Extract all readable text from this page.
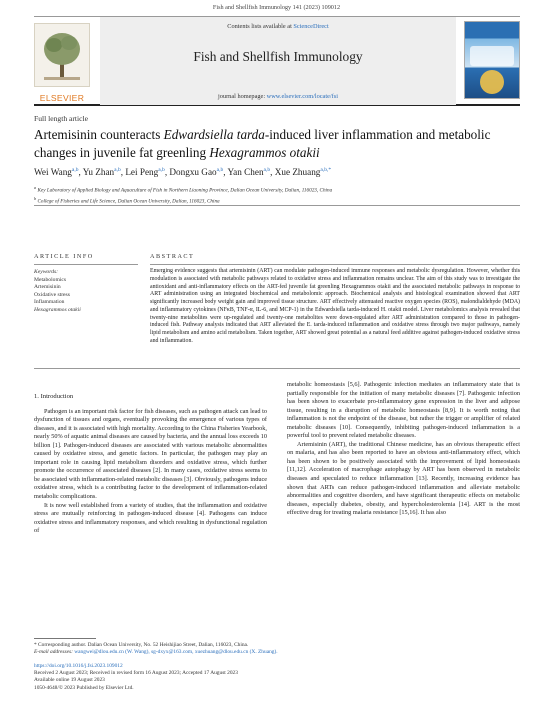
Fish and Shellfish Immunology 141 (2023) 109012
ELSEVIER
Contents lists available at ScienceDirect
Fish and Shellfish Immunology
journal homepage: www.elsevier.com/locate/fsi
Full length article
Artemisinin counteracts Edwardsiella tarda-induced liver inflammation and metabolic changes in juvenile fat greenling Hexagrammos otakii
Wei Wang$^{a,b}$, Yu Zhan$^{a,b}$, Lei Peng$^{a,b}$, Dongxu Gao$^{a,b}$, Yan Chen$^{a,b}$, Xue Zhuang$^{a,b,*}$
$^a$ Key Laboratory of Applied Biology and Aquaculture of Fish in Northern Liaoning Province, Dalian Ocean University, Dalian, 116023, China
$^b$ College of Fisheries and Life Science, Dalian Ocean University, Dalian, 116023, China
ARTICLE INFO	ABSTRACT
Keywords:
Metabolomics
Artemisinin
Oxidative stress
Inflammation
Hexagrammos otakii
Emerging evidence suggests that artemisinin (ART) can modulate pathogen-induced immune responses and metabolic dysregulation. However, whether this modulation is associated with metabolic pathways related to oxidative stress and inflammation remains unclear. The aim of this study was to investigate the antioxidant and anti-inflammatory effects on the ART-fed juvenile fat greenling Hexagrammos otakii and the associated metabolic pathways in response to ART administration using an integrated biochemical and metabolomic approach. Biochemical analysis and histological examination showed that ART significantly increased body weight gain and improved tissue structure. ART effectively attenuated reactive oxygen species (ROS), malondialdehyde (MDA) and inflammatory cytokines (NFκB, TNF-α, IL-6, and MCP-1) in the Edwardsiella tarda-induced H. otakii model. Liver metabolomics analysis revealed that twenty-nine metabolites were up-regulated and twenty-one metabolites were down-regulated after ART administration compared to those in pathogen-induced fish. Pathway analysis indicated that ART alleviated the E. tarda-induced inflammation and oxidative stress through two major pathways, namely lipid metabolism and amino acid metabolism. Taken together, ART showed great potential as a natural feed additive against pathogen-induced oxidative stress and inflammation.
1. Introduction

Pathogen is an important risk factor for fish diseases, such as pathogen attack can lead to dysfunction of tissues and organs, eventually provoking the emergence of various types of diseases, and it is associated with high mortality. According to the China Fisheries Yearbook, nearly 50% of aquatic animal diseases are caused by bacteria, and the annual loss exceeds 10 billion [1]. Pathogen-induced diseases are associated with various metabolic abnormalities caused by oxidative stress, and genetic factors. In particular, the pathogen may play an important role in causing lipid metabolism disorders and oxidative stress, which further promote the occurrence of associated diseases [2]. In many cases, oxidative stress seems to be associated with inflammation-related metabolic diseases [3]. Obviously, pathogens induce oxidative stress, which is a contributing factor to the development of inflammation-related metabolic complications.

It is now well established from a variety of studies, that the inflammation and oxidative stress are mutually reinforcing in pathogen-induced disease [4]. Pathogens can induce oxidative stress and inflammatory responses, and which resulting in dysfunctional regulation of

metabolic homeostasis [5,6]. Pathogenic infection mediates an inflammatory state that is partially responsible for the initiation of many metabolic diseases [7]. Pathogenic infection has been shown to exacerbate pro-inflammatory gene expression in the liver and adipose tissue, resulting in a disruption of metabolic homeostasis [8,9]. It is worth noting that inflammation is not the endpoint of the disease, but rather the trigger or amplifier of related metabolic diseases [10]. Consequently, inhibiting pathogen-induced inflammation is a powerful tool to prevent related metabolic diseases.

Artemisinin (ART), the traditional Chinese medicine, has an obvious therapeutic effect on malaria, and has also been reported to have an obvious anti-inflammatory effect, which has been shown to be positively associated with the improvement of lipid homeostasis [11,12]. Acceleration of macrophage autophagy by ART has been observed in metabolic diseases and speculated to reduce inflammation [13]. Recently, increasing evidence has shown that ARTs can reduce pathogen-induced inflammation and alleviate metabolic abnormalities and cognitive disorders, and have significant therapeutic effects on metabolic diseases, especially diabetes, obesity, and hypercholesterolemia [14]. ART is the most effective drug for treating malaria resistance [15,16]. It has also

* Corresponding author. Dalian Ocean University, No. 52 Heishijiao Street, Dalian, 116023, China.
E-mail addresses: wangwei@dlou.edu.cn (W. Wang), sg-dxyx@163.com, xuezhuang@dlou.edu.cn (X. Zhuang).
https://doi.org/10.1016/j.fsi.2023.109012
Received 2 August 2023; Received in revised form 16 August 2023; Accepted 17 August 2023
Available online 19 August 2023
1050-4648/© 2023 Published by Elsevier Ltd.
